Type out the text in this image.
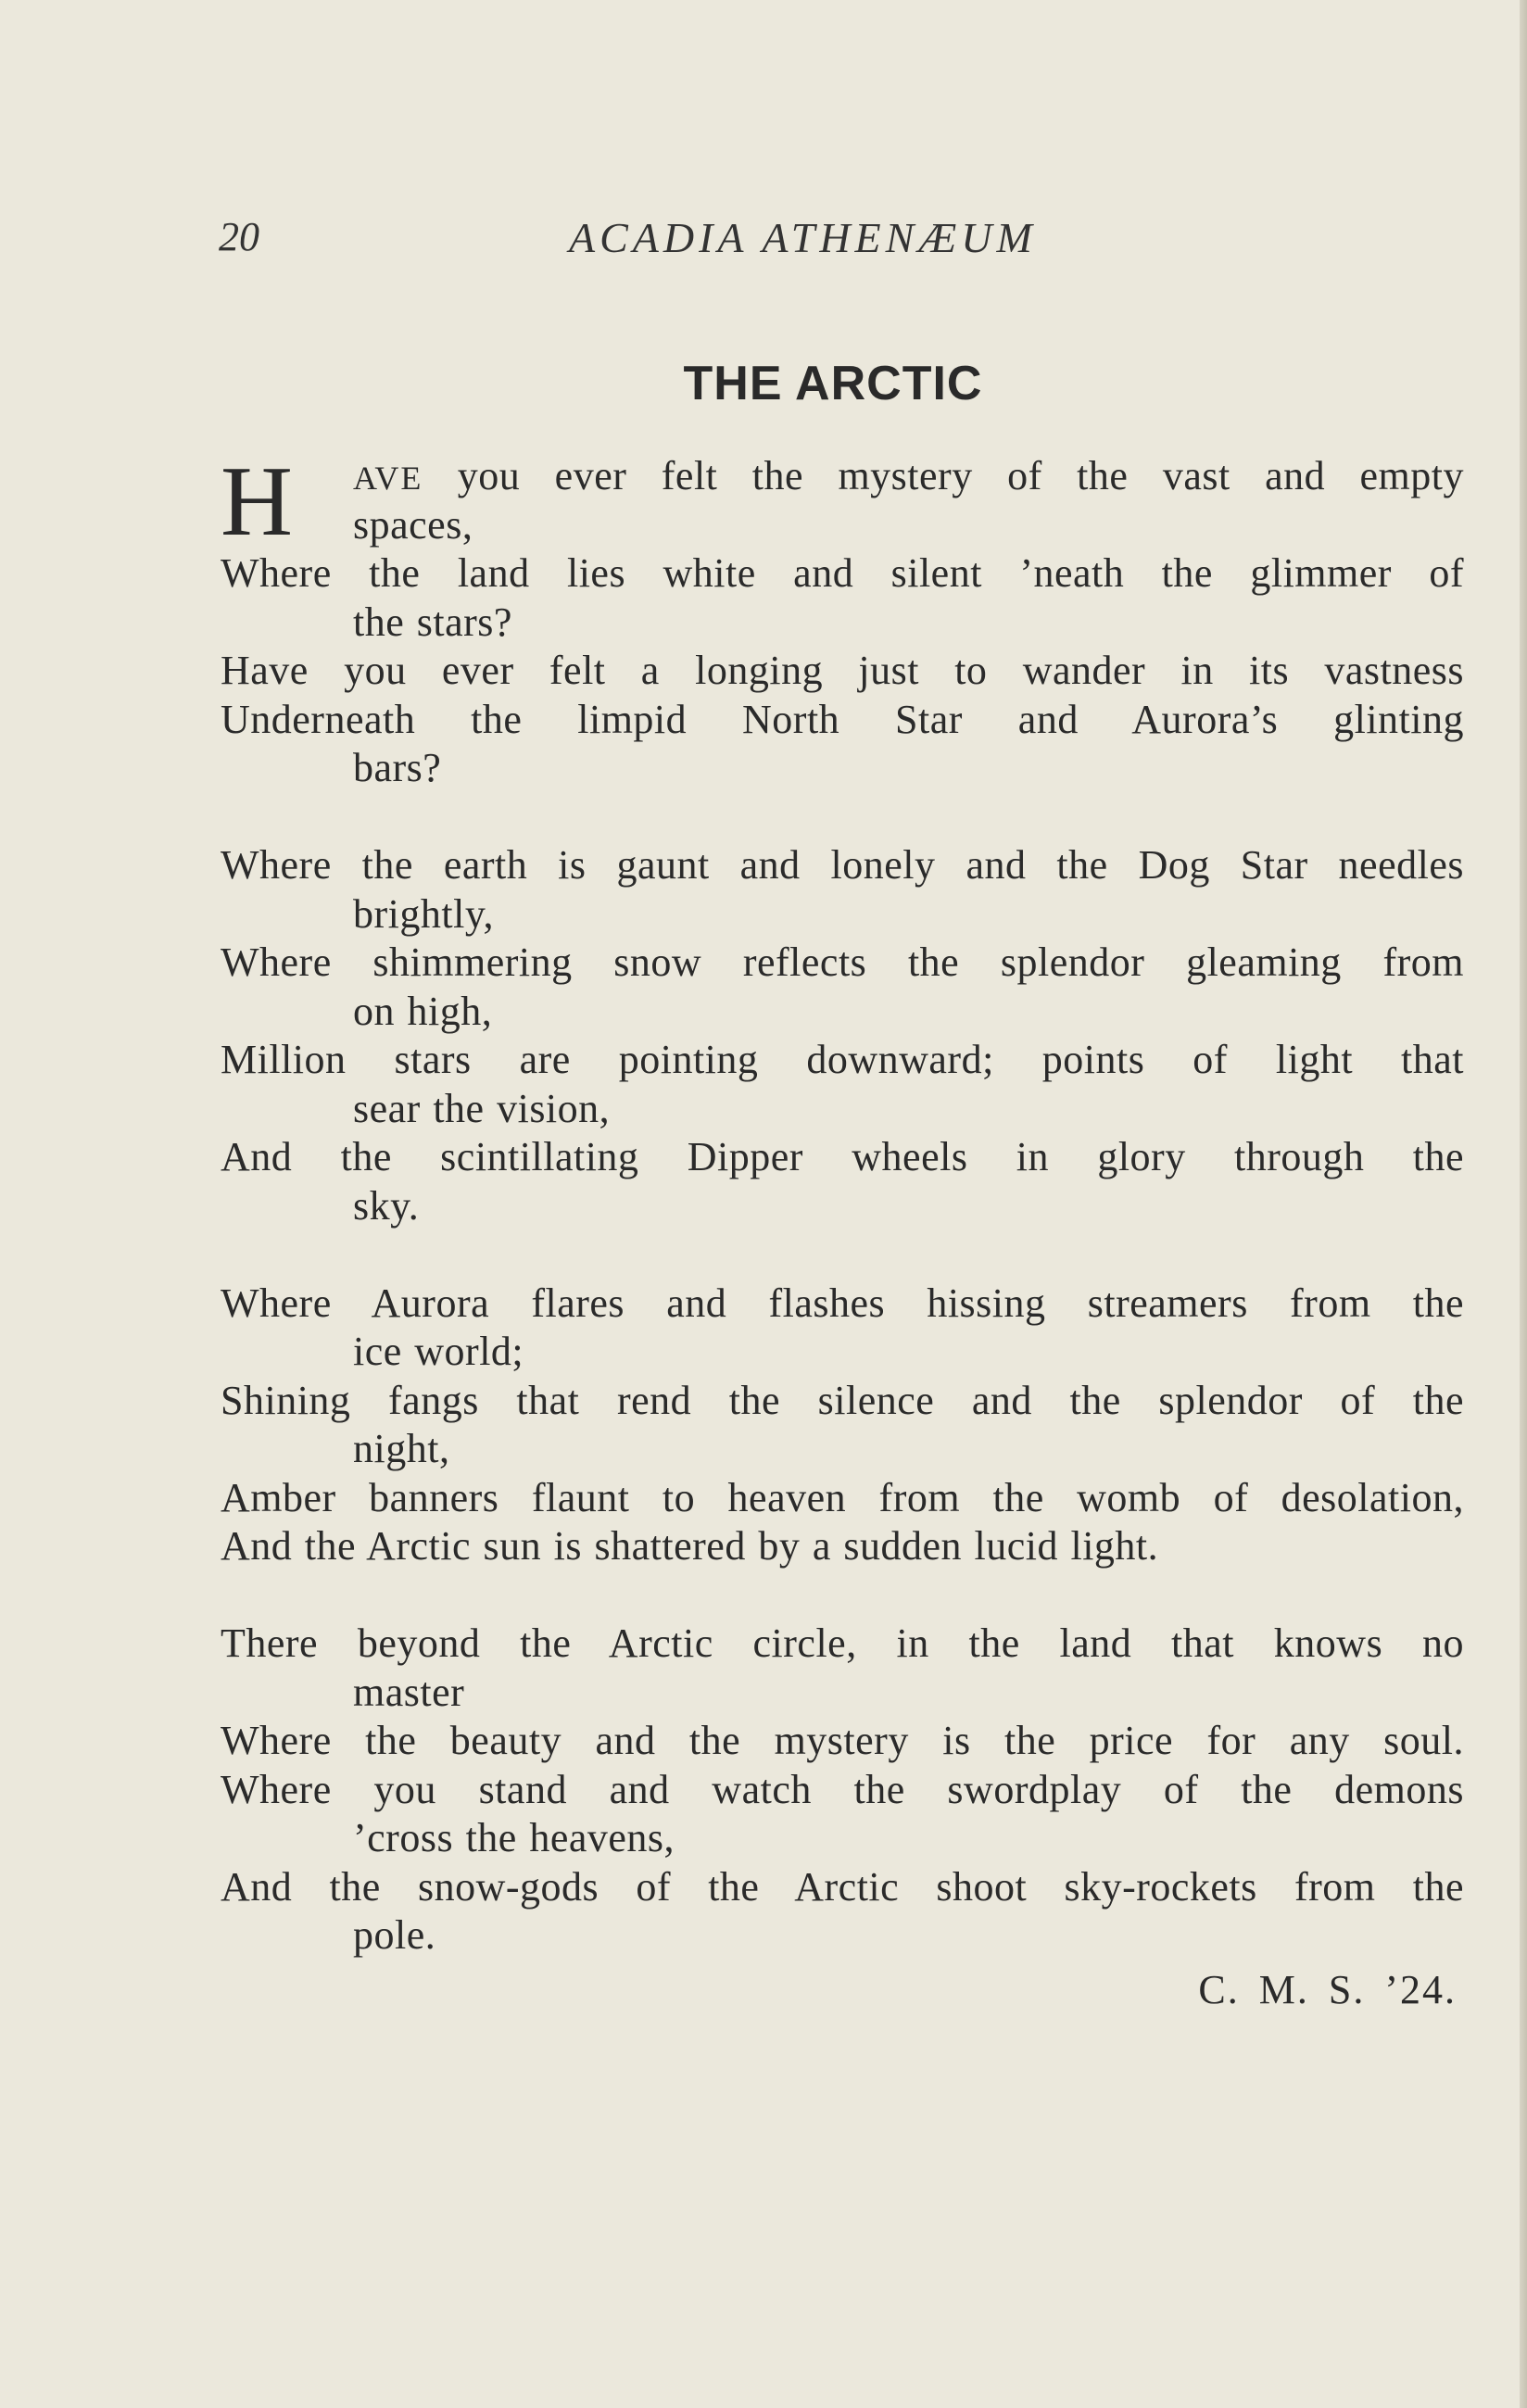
20	ACADIA ATHENÆUM
THE ARCTIC
H AVE you ever felt the mystery of the vast and empty
spaces,
Where the land lies white and silent ’neath the glimmer of
the stars?
Have you ever felt a longing just to wander in its vastness
Underneath the limpid North Star and Aurora’s glinting
bars?
Where the earth is gaunt and lonely and the Dog Star needles
brightly,
Where shimmering snow reflects the splendor gleaming from
on high,
Million stars are pointing downward; points of light that
sear the vision,
And the scintillating Dipper wheels in glory through the
sky.
Where Aurora flares and flashes hissing streamers from the
ice world;
Shining fangs that rend the silence and the splendor of the
night,
Amber banners flaunt to heaven from the womb of desolation,
And the Arctic sun is shattered by a sudden lucid light.
There beyond the Arctic circle, in the land that knows no
master
Where the beauty and the mystery is the price for any soul.
Where you stand and watch the swordplay of the demons
’cross the heavens,
And the snow-gods of the Arctic shoot sky-rockets from the
pole.
C. M. S. ’24.
